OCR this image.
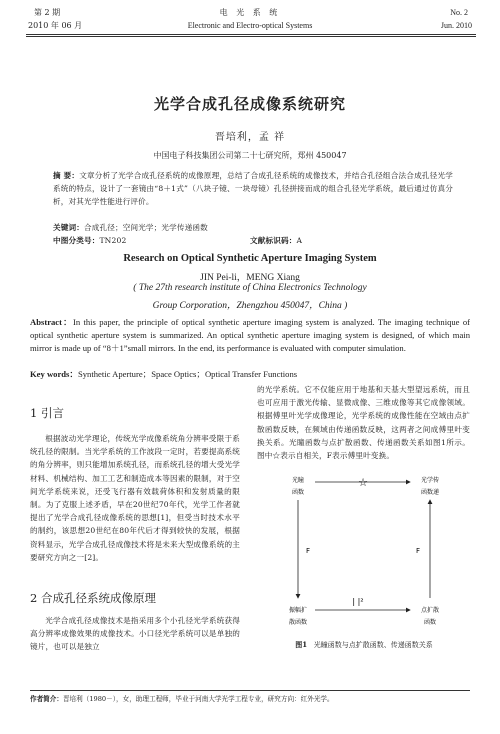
第 2 期
2010 年 06 月
电 光 系 统
Electronic and Electro-optical Systems
No. 2
Jun. 2010
光学合成孔径成像系统研究
晋培利，孟 祥
中国电子科技集团公司第二十七研究所，郑州 450047
摘 要：文章分析了光学合成孔径系统的成像原理，总结了合成孔径系统的成像技术，并结合孔径组合法合成孔径光学系统的特点，设计了一套镜由“8＋1式”（八块子镜、一块母镜）孔径拼接而成的组合孔径光学系统，最后通过仿真分析，对其光学性能进行评价。
关键词：合成孔径；空间光学；光学传递函数
中图分类号：TN202	文献标识码：A
Research on Optical Synthetic Aperture Imaging System
JIN Pei-li，MENG Xiang
( The 27th research institute of China Electronics Technology
Group Corporation，Zhengzhou 450047，China )
Abstract：In this paper, the principle of optical synthetic aperture imaging system is analyzed. The imaging technique of optical synthetic aperture system is summarized. An optical synthetic aperture imaging system is designed, of which main mirror is made up of “8＋1”small mirrors. In the end, its performance is evaluated with computer simulation.
Key words：Synthetic Aperture；Space Optics；Optical Transfer Functions
1 引言

根据波动光学理论，传统光学成像系统角分辨率受限于系统孔径的限制。当光学系统的工作波段一定时，若要提高系统的角分辨率，则只能增加系统孔径，而系统孔径的增大受光学材料、机械结构、加工工艺和制造成本等因素的限制，对于空间光学系统来说，还受飞行器有效载荷体积和发射质量的限制。为了克服上述矛盾，早在20世纪70年代，光学工作者就提出了光学合成孔径成像系统的思想[1]，但受当时技术水平的制约，该思想20世纪在80年代后才得到较快的发展，根据资料显示，光学合成孔径成像技术将是未来大型成像系统的主要研究方向之一[2]。

2 合成孔径系统成像原理

光学合成孔径成像技术是指采用多个小孔径光学系统获得高分辨率成像效果的成像技术。小口径光学系统可以是单独的镜片，也可以是独立

的光学系统。它不仅能应用于地基和天基大型望远系统，而且也可应用于激光传输、显微成像、三维成像等其它成像领域。根据傅里叶光学成像理论，光学系统的成像性能在空域由点扩散函数反映，在频域由传递函数反映，这两者之间成傅里叶变换关系。光瞳函数与点扩散函数、传递函数关系如图1所示。图中☆表示自相关，F表示傅里叶变换。
光瞳
函数
☆	光学传
函数递
F	F
振幅扩
散函数
| |²
点扩散
函数
图1 光瞳函数与点扩散函数、传递函数关系
作者简介：晋培利（1980－），女，助理工程师，毕业于河南大学光学工程专业，研究方向：红外光学。
